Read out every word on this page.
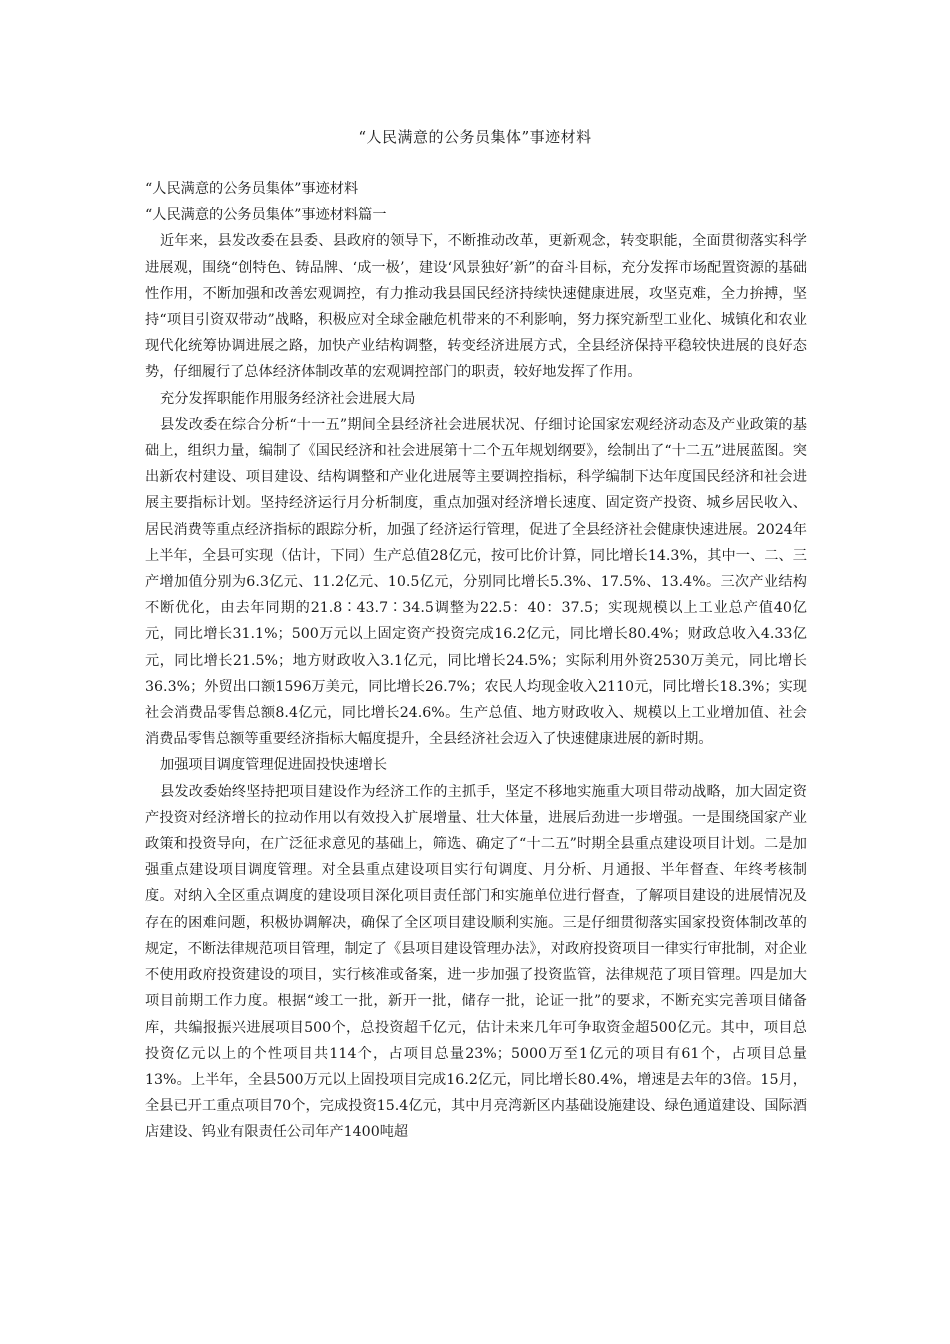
“人民满意的公务员集体”事迹材料

“人民满意的公务员集体”事迹材料

“人民满意的公务员集体”事迹材料篇一

近年来，县发改委在县委、县政府的领导下，不断推动改革，更新观念，转变职能，全面贯彻落实科学进展观，围绕“创特色、铸品牌、‘成一极’，建设‘风景独好’新”的奋斗目标，充分发挥市场配置资源的基础性作用，不断加强和改善宏观调控，有力推动我县国民经济持续快速健康进展，攻坚克难，全力拚搏，坚持“项目引资双带动”战略，积极应对全球金融危机带来的不利影响，努力探究新型工业化、城镇化和农业现代化统筹协调进展之路，加快产业结构调整，转变经济进展方式，全县经济保持平稳较快进展的良好态势，仔细履行了总体经济体制改革的宏观调控部门的职责，较好地发挥了作用。

充分发挥职能作用服务经济社会进展大局

县发改委在综合分析“十一五”期间全县经济社会进展状况、仔细讨论国家宏观经济动态及产业政策的基础上，组织力量，编制了《国民经济和社会进展第十二个五年规划纲要》，绘制出了“十二五”进展蓝图。突出新农村建设、项目建设、结构调整和产业化进展等主要调控指标，科学编制下达年度国民经济和社会进展主要指标计划。坚持经济运行月分析制度，重点加强对经济增长速度、固定资产投资、城乡居民收入、居民消费等重点经济指标的跟踪分析，加强了经济运行管理，促进了全县经济社会健康快速进展。2024年上半年，全县可实现（估计，下同）生产总值28亿元，按可比价计算，同比增长14.3%，其中一、二、三产增加值分别为6.3亿元、11.2亿元、10.5亿元，分别同比增长5.3%、17.5%、13.4%。三次产业结构不断优化，由去年同期的21.8∶43.7∶34.5调整为22.5：40：37.5；实现规模以上工业总产值40亿元，同比增长31.1%；500万元以上固定资产投资完成16.2亿元，同比增长80.4%；财政总收入4.33亿元，同比增长21.5%；地方财政收入3.1亿元，同比增长24.5%；实际利用外资2530万美元，同比增长36.3%；外贸出口额1596万美元，同比增长26.7%；农民人均现金收入2110元，同比增长18.3%；实现社会消费品零售总额8.4亿元，同比增长24.6%。生产总值、地方财政收入、规模以上工业增加值、社会消费品零售总额等重要经济指标大幅度提升，全县经济社会迈入了快速健康进展的新时期。

加强项目调度管理促进固投快速增长

县发改委始终坚持把项目建设作为经济工作的主抓手，坚定不移地实施重大项目带动战略，加大固定资产投资对经济增长的拉动作用以有效投入扩展增量、壮大体量，进展后劲进一步增强。一是围绕国家产业政策和投资导向，在广泛征求意见的基础上，筛选、确定了“十二五”时期全县重点建设项目计划。二是加强重点建设项目调度管理。对全县重点建设项目实行旬调度、月分析、月通报、半年督查、年终考核制度。对纳入全区重点调度的建设项目深化项目责任部门和实施单位进行督查，了解项目建设的进展情况及存在的困难问题，积极协调解决，确保了全区项目建设顺利实施。三是仔细贯彻落实国家投资体制改革的规定，不断法律规范项目管理，制定了《县项目建设管理办法》，对政府投资项目一律实行审批制，对企业不使用政府投资建设的项目，实行核准或备案，进一步加强了投资监管，法律规范了项目管理。四是加大项目前期工作力度。根据“竣工一批，新开一批，储存一批，论证一批”的要求，不断充实完善项目储备库，共编报振兴进展项目500个，总投资超千亿元，估计未来几年可争取资金超500亿元。其中，项目总投资亿元以上的个性项目共114个，占项目总量23%；5000万至1亿元的项目有61个，占项目总量13%。上半年，全县500万元以上固投项目完成16.2亿元，同比增长80.4%，增速是去年的3倍。15月，全县已开工重点项目70个，完成投资15.4亿元，其中月亮湾新区内基础设施建设、绿色通道建设、国际酒店建设、钨业有限责任公司年产1400吨超
